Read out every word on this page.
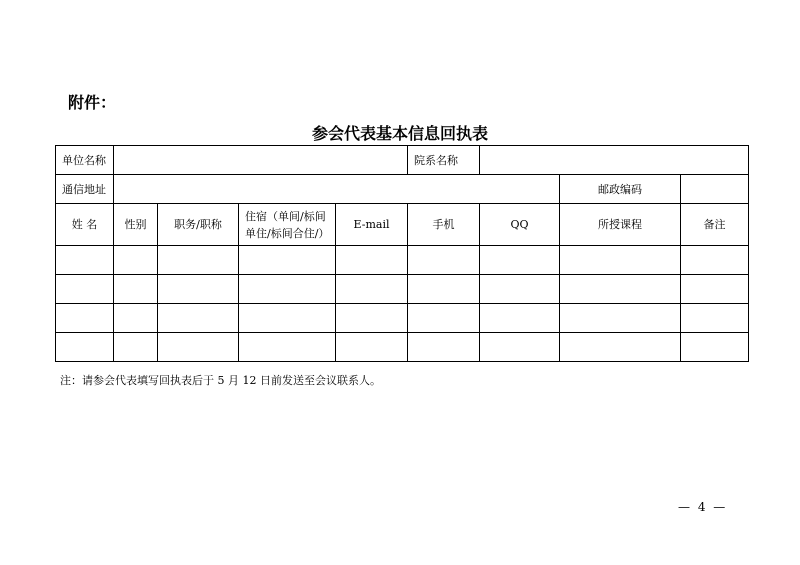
附件：
参会代表基本信息回执表
单位名称					院系名称			
通信地址							邮政编码	
姓 名	性别	职务/职称	住宿（单间/标间单住/标间合住/）	E-mail	手机	QQ	所授课程	备注

注：请参会代表填写回执表后于 5 月 12 日前发送至会议联系人。
— 4 —
